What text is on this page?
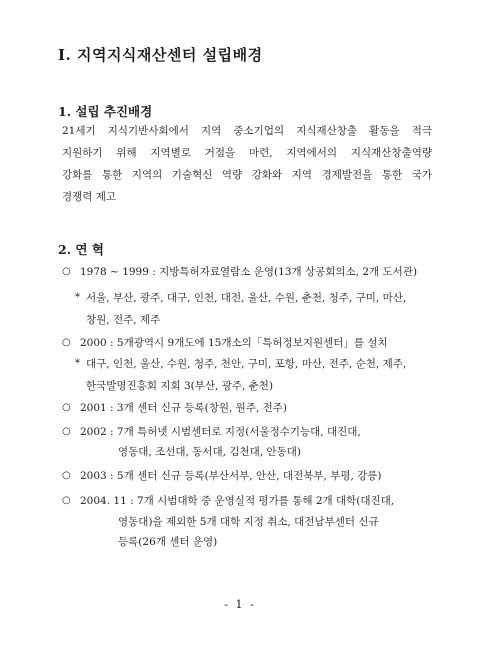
Ⅰ. 지역지식재산센터 설립배경
1. 설립 추진배경
21세기 지식기반사회에서 지역 중소기업의 지식재산창출 활동을 적극
지원하기 위해 지역별로 거점을 마련, 지역에서의 지식재산창출역량
강화를 통한 지역의 기술혁신 역량 강화와 지역 경제발전을 통한 국가
경쟁력 제고
2. 연 혁
○ 1978 ~ 1999 : 지방특허자료열람소 운영(13개 상공회의소, 2개 도서관)
* 서울, 부산, 광주, 대구, 인천, 대전, 울산, 수원, 춘천, 청주, 구미, 마산,
창원, 전주, 제주
○ 2000 : 5개광역시 9개도에 15개소의「특허정보지원센터」를 설치
* 대구, 인천, 울산, 수원, 청주, 천안, 구미, 포항, 마산, 전주, 순천, 제주,
한국발명진흥회 지회 3(부산, 광주, 춘천)
○ 2001 : 3개 센터 신규 등록(창원, 원주, 전주)
○ 2002 : 7개 특허넷 시범센터로 지정(서울정수기능대, 대진대,
영동대, 조선대, 동서대, 김천대, 안동대)
○ 2003 : 5개 센터 신규 등록(부산서부, 안산, 대전북부, 부평, 강릉)
○ 2004. 11 : 7개 시범대학 중 운영실적 평가를 통해 2개 대학(대진대,
영동대)을 제외한 5개 대학 지정 취소, 대전남부센터 신규
등록(26개 센터 운영)
- 1 -
